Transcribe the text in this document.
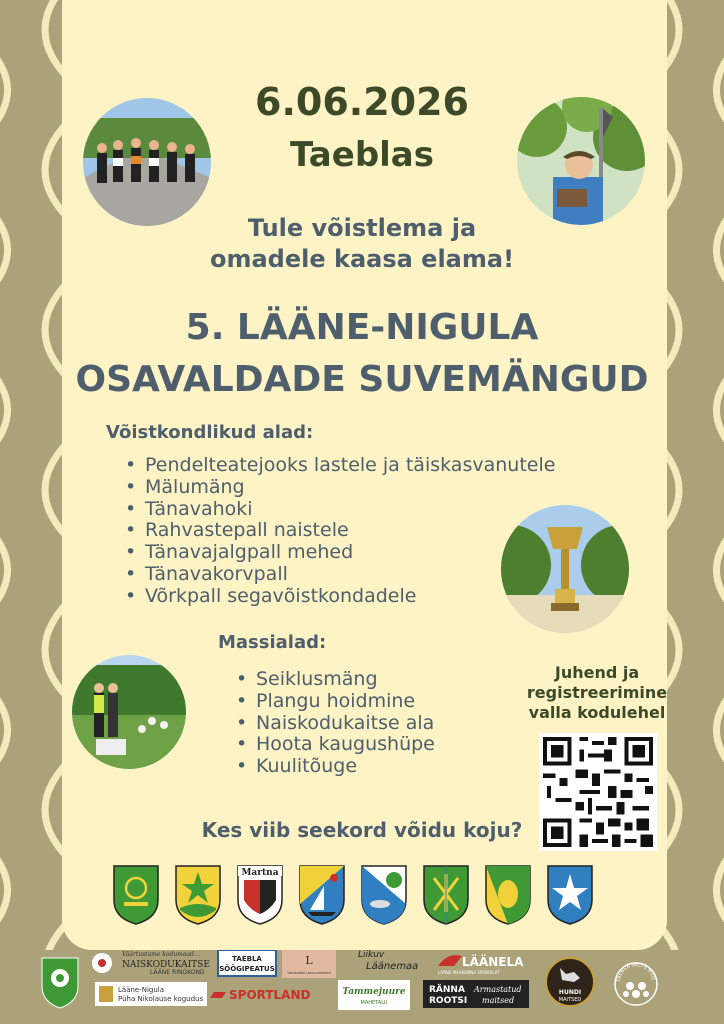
6.06.2026
Taeblas
Tule võistlema ja
omadele kaasa elama!
5. LÄÄNE-NIGULA
OSAVALDADE SUVEMÄNGUD
Võistkondlikud alad:
• Pendelteatejooks lastele ja täiskasvanutele
• Mälumäng
• Tänavahoki
• Rahvastepall naistele
• Tänavajalgpall mehed
• Tänavakorvpall
• Võrkpall segavõistkondadele
Massialad:
• Seiklusmäng
• Plangu hoidmine
• Naiskodukaitse ala
• Hoota kaugushüpe
• Kuulitõuge
Juhend ja
registreerimine
valla kodulehel
Kes viib seekord võidu koju?
Martna
Väärtustame kodumaad…
NAISKODUKAITSE
LÄÄNE RINGKOND
TAEBLA
SÖÖGIPEATUS
L
Lendudele Lennumeistrid
Liikuv
Läänemaa	LÄÄNELA
LÄÄNE MAAKONNA SPORDILIIT
HUNDI
MAITSED
TAEBLA SELTS MTÜ
Lääne-Nigula
Püha Nikolause kogudus SPORTLAND	Tammejuure
MAHETALU
RÄNNA
ROOTSI
Armastatud
maitsed
